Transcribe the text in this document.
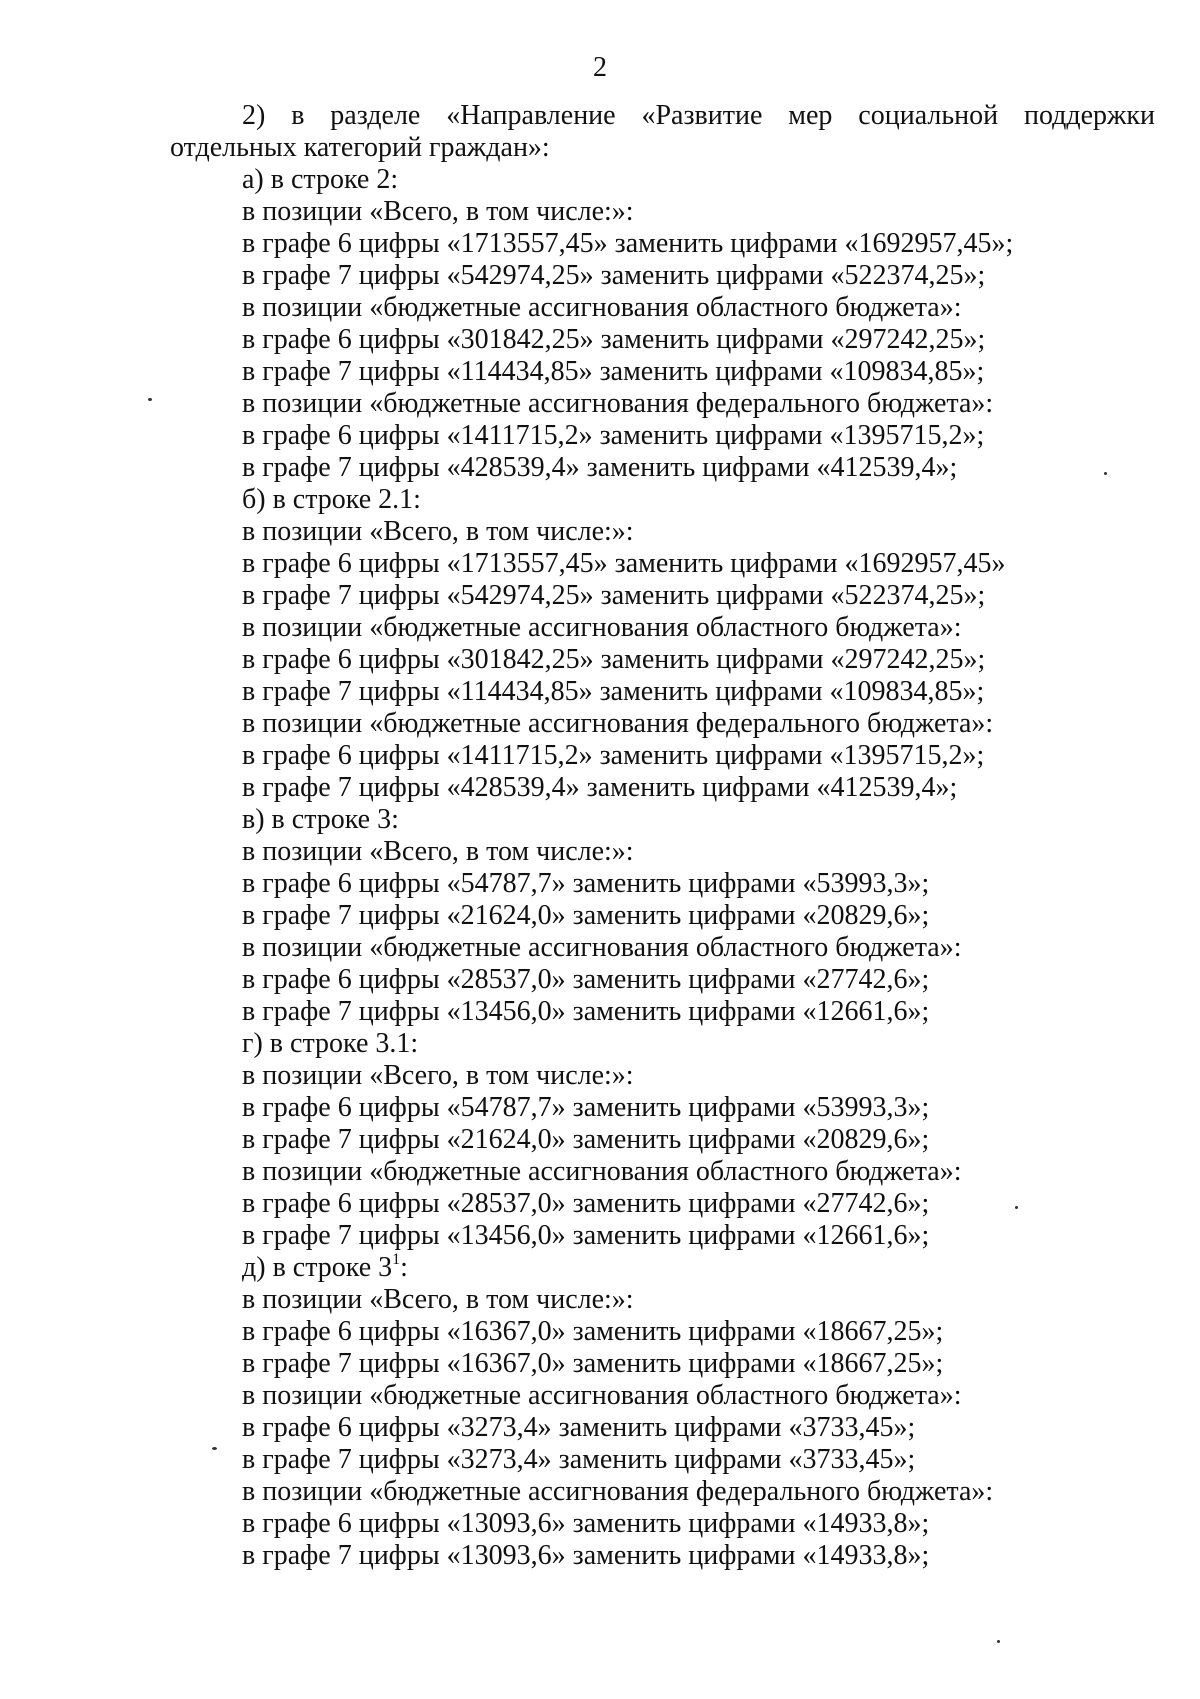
2
2) в разделе «Направление «Развитие мер социальной поддержки
отдельных категорий граждан»:
а) в строке 2:
в позиции «Всего, в том числе:»:
в графе 6 цифры «1713557,45» заменить цифрами «1692957,45»;
в графе 7 цифры «542974,25» заменить цифрами «522374,25»;
в позиции «бюджетные ассигнования областного бюджета»:
в графе 6 цифры «301842,25» заменить цифрами «297242,25»;
в графе 7 цифры «114434,85» заменить цифрами «109834,85»;
в позиции «бюджетные ассигнования федерального бюджета»:
в графе 6 цифры «1411715,2» заменить цифрами «1395715,2»;
в графе 7 цифры «428539,4» заменить цифрами «412539,4»;
б) в строке 2.1:
в позиции «Всего, в том числе:»:
в графе 6 цифры «1713557,45» заменить цифрами «1692957,45»
в графе 7 цифры «542974,25» заменить цифрами «522374,25»;
в позиции «бюджетные ассигнования областного бюджета»:
в графе 6 цифры «301842,25» заменить цифрами «297242,25»;
в графе 7 цифры «114434,85» заменить цифрами «109834,85»;
в позиции «бюджетные ассигнования федерального бюджета»:
в графе 6 цифры «1411715,2» заменить цифрами «1395715,2»;
в графе 7 цифры «428539,4» заменить цифрами «412539,4»;
в) в строке 3:
в позиции «Всего, в том числе:»:
в графе 6 цифры «54787,7» заменить цифрами «53993,3»;
в графе 7 цифры «21624,0» заменить цифрами «20829,6»;
в позиции «бюджетные ассигнования областного бюджета»:
в графе 6 цифры «28537,0» заменить цифрами «27742,6»;
в графе 7 цифры «13456,0» заменить цифрами «12661,6»;
г) в строке 3.1:
в позиции «Всего, в том числе:»:
в графе 6 цифры «54787,7» заменить цифрами «53993,3»;
в графе 7 цифры «21624,0» заменить цифрами «20829,6»;
в позиции «бюджетные ассигнования областного бюджета»:
в графе 6 цифры «28537,0» заменить цифрами «27742,6»;
в графе 7 цифры «13456,0» заменить цифрами «12661,6»;
д) в строке $3^1$:
в позиции «Всего, в том числе:»:
в графе 6 цифры «16367,0» заменить цифрами «18667,25»;
в графе 7 цифры «16367,0» заменить цифрами «18667,25»;
в позиции «бюджетные ассигнования областного бюджета»:
в графе 6 цифры «3273,4» заменить цифрами «3733,45»;
в графе 7 цифры «3273,4» заменить цифрами «3733,45»;
в позиции «бюджетные ассигнования федерального бюджета»:
в графе 6 цифры «13093,6» заменить цифрами «14933,8»;
в графе 7 цифры «13093,6» заменить цифрами «14933,8»;
